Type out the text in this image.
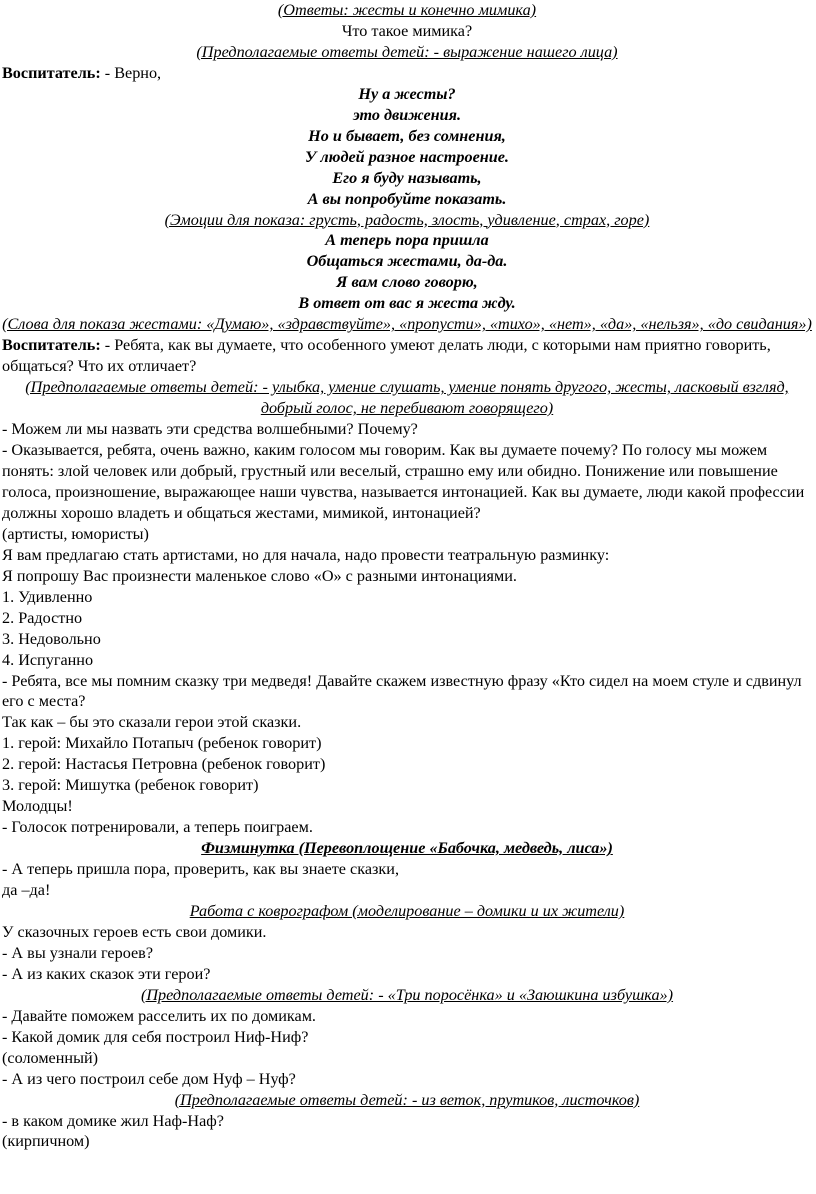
(Ответы: жесты и конечно мимика)

Что такое мимика?

(Предполагаемые ответы детей: - выражение нашего лица)

Воспитатель: - Верно,

Ну а жесты?

это движения.

Но и бывает, без сомнения,

У людей разное настроение.

Его я буду называть,

А вы попробуйте показать.

(Эмоции для показа: грусть, радость, злость, удивление, страх, горе)

А теперь пора пришла

Общаться жестами, да-да.

Я вам слово говорю,

В ответ от вас я жеста жду.

(Слова для показа жестами: «Думаю», «здравствуйте», «пропусти», «тихо», «нет», «да», «нельзя», «до свидания»)

Воспитатель: - Ребята, как вы думаете, что особенного умеют делать люди, с которыми нам приятно говорить, общаться? Что их отличает?

(Предполагаемые ответы детей: - улыбка, умение слушать, умение понять другого, жесты, ласковый взгляд, добрый голос, не перебивают говорящего)

- Можем ли мы назвать эти средства волшебными? Почему?

- Оказывается, ребята, очень важно, каким голосом мы говорим. Как вы думаете почему? По голосу мы можем понять: злой человек или добрый, грустный или веселый, страшно ему или обидно. Понижение или повышение голоса, произношение, выражающее наши чувства, называется интонацией. Как вы думаете, люди какой профессии должны хорошо владеть и общаться жестами, мимикой, интонацией?

(артисты, юмористы)

Я вам предлагаю стать артистами, но для начала, надо провести театральную разминку:

Я попрошу Вас произнести маленькое слово «О» с разными интонациями.

1. Удивленно

2. Радостно

3. Недовольно

4. Испуганно

- Ребята, все мы помним сказку три медведя! Давайте скажем известную фразу «Кто сидел на моем стуле и сдвинул его с места?

Так как – бы это сказали герои этой сказки.

1. герой: Михайло Потапыч (ребенок говорит)

2. герой: Настасья Петровна (ребенок говорит)

3. герой: Мишутка (ребенок говорит)

Молодцы!

- Голосок потренировали, а теперь поиграем.

Физминутка (Перевоплощение «Бабочка, медведь, лиса»)

- А теперь пришла пора, проверить, как вы знаете сказки,

да –да!

Работа с коврографом (моделирование – домики и их жители)

У сказочных героев есть свои домики.

- А вы узнали героев?

- А из каких сказок эти герои?

(Предполагаемые ответы детей: - «Три поросёнка» и «Заюшкина избушка»)

- Давайте поможем расселить их по домикам.

- Какой домик для себя построил Ниф-Ниф?

(соломенный)

- А из чего построил себе дом Нуф – Нуф?

(Предполагаемые ответы детей: - из веток, прутиков, листочков)

- в каком домике жил Наф-Наф?

(кирпичном)
